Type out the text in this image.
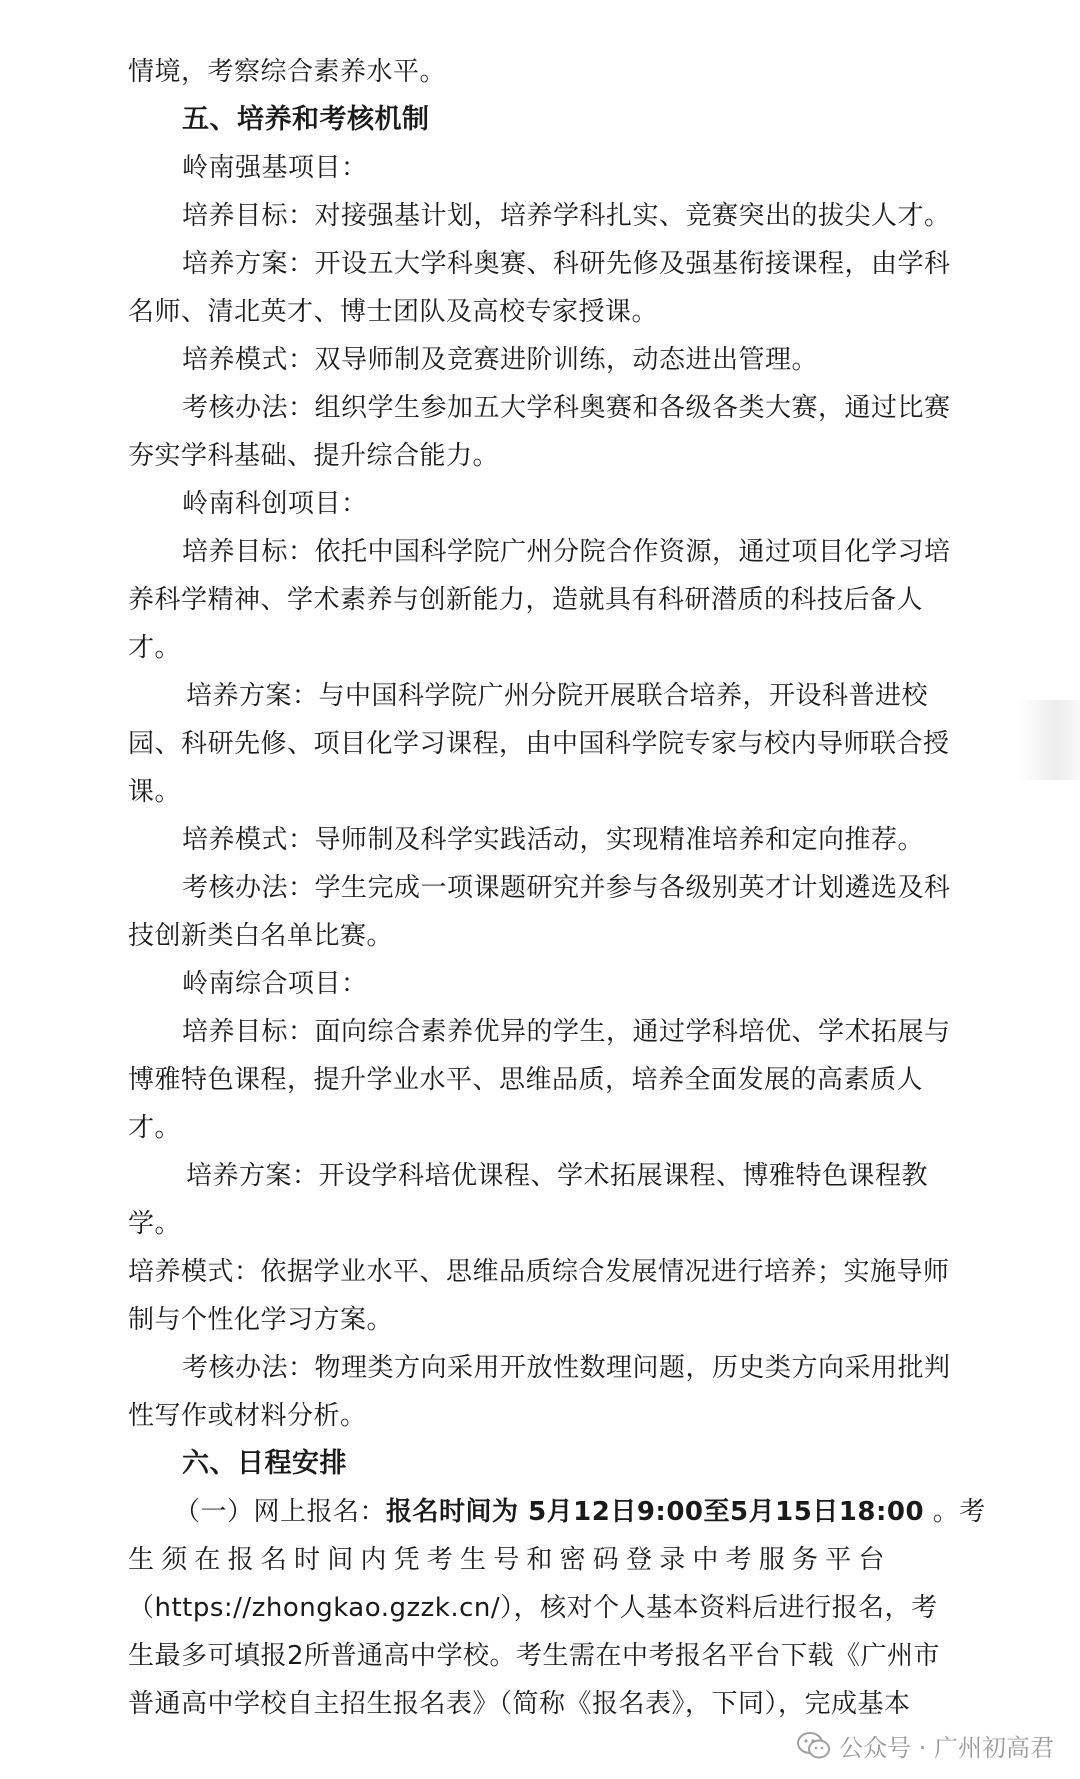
情境，考察综合素养水平。
五、培养和考核机制
岭南强基项目：
培养目标：对接强基计划，培养学科扎实、竞赛突出的拔尖人才。
培养方案：开设五大学科奥赛、科研先修及强基衔接课程，由学科
名师、清北英才、博士团队及高校专家授课。
培养模式：双导师制及竞赛进阶训练，动态进出管理。
考核办法：组织学生参加五大学科奥赛和各级各类大赛，通过比赛
夯实学科基础、提升综合能力。
岭南科创项目：
培养目标：依托中国科学院广州分院合作资源，通过项目化学习培
养科学精神、学术素养与创新能力，造就具有科研潜质的科技后备人
才。
培养方案：与中国科学院广州分院开展联合培养，开设科普进校
园、科研先修、项目化学习课程，由中国科学院专家与校内导师联合授
课。
培养模式：导师制及科学实践活动，实现精准培养和定向推荐。
考核办法：学生完成一项课题研究并参与各级别英才计划遴选及科
技创新类白名单比赛。
岭南综合项目：
培养目标：面向综合素养优异的学生，通过学科培优、学术拓展与
博雅特色课程，提升学业水平、思维品质，培养全面发展的高素质人
才。
培养方案：开设学科培优课程、学术拓展课程、博雅特色课程教
学。
培养模式：依据学业水平、思维品质综合发展情况进行培养；实施导师
制与个性化学习方案。
考核办法：物理类方向采用开放性数理问题，历史类方向采用批判
性写作或材料分析。
六、日程安排
（一）网上报名：报名时间为 5月12日9:00至5月15日18:00 。考
生须在报名时间内凭考生号和密码登录中考服务平台
（https://zhongkao.gzzk.cn/），核对个人基本资料后进行报名，考
生最多可填报2所普通高中学校。考生需在中考报名平台下载《广州市
普通高中学校自主招生报名表》（简称《报名表》，下同），完成基本
公众号 · 广州初高君
